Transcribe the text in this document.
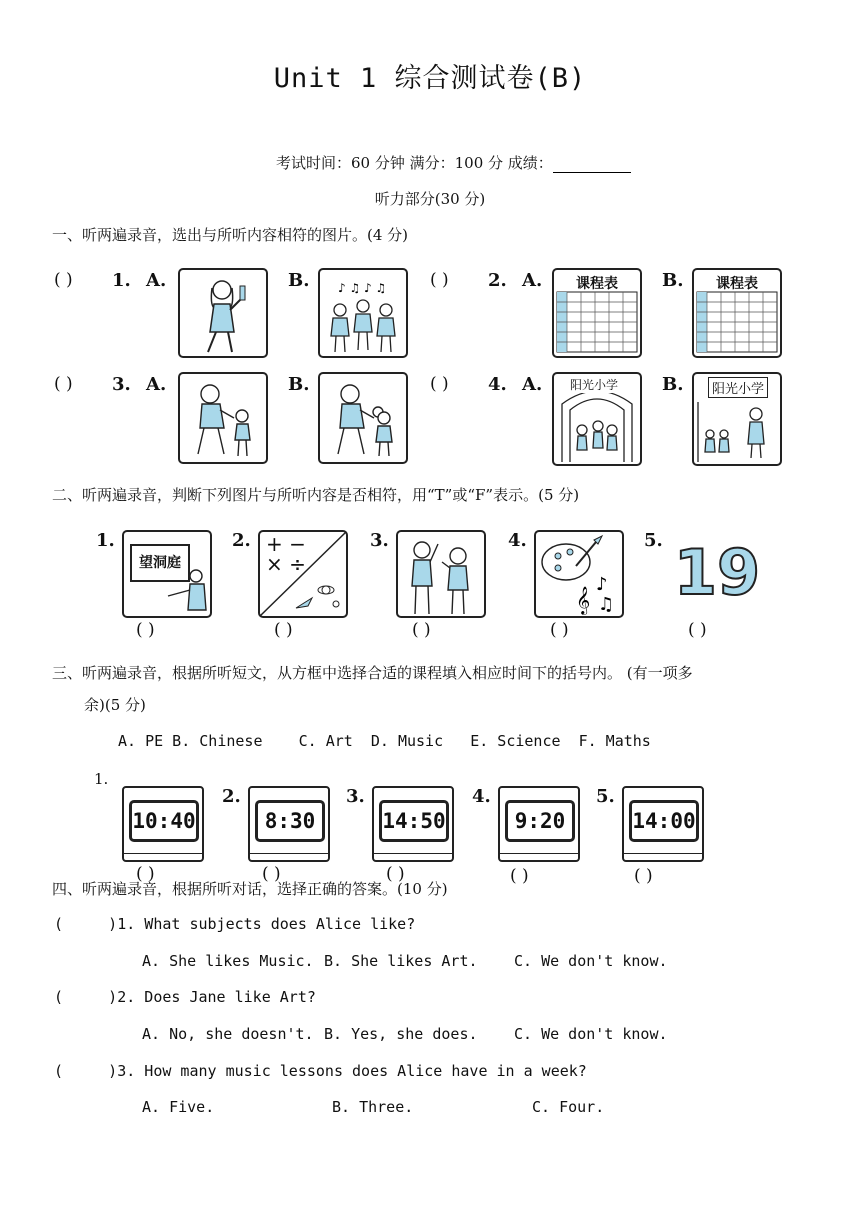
Unit 1 综合测试卷(B)
考试时间：60 分钟 满分：100 分 成绩：
听力部分(30 分)
一、听两遍录音，选出与所听内容相符的图片。(4 分)
( ) 1. A.	B. ♪ ♫ ♪ ♫	( ) 2. A.	课程表	B.	课程表
( ) 3. A.	B.	( ) 4. A. 阳光小学 B.	阳光小学
二、听两遍录音，判断下列图片与所听内容是否相符，用“T”或“F”表示。(5 分)
1.
望洞庭
( )
2. + −
× ÷
( )
3.
( )
4.
𝄞
♪
♫
( )
5. 19
( )
三、听两遍录音，根据所听短文，从方框中选择合适的课程填入相应时间下的括号内。 (有一项多
余)(5 分)
A. PE B. Chinese    C. Art  D. Music   E. Science  F. Maths
1.
10:40
( )
2.
8:30
( )
3.
14:50
( )
4.
9:20
( )
5.
14:00
( )
四、听两遍录音，根据所听对话，选择正确的答案。(10 分)
(     )1. What subjects does Alice like?
A. She likes Music. B. She likes Art. C. We don't know.
(     )2. Does Jane like Art?
A. No, she doesn't. B. Yes, she does. C. We don't know.
(     )3. How many music lessons does Alice have in a week?
A. Five.	B. Three.	C. Four.
